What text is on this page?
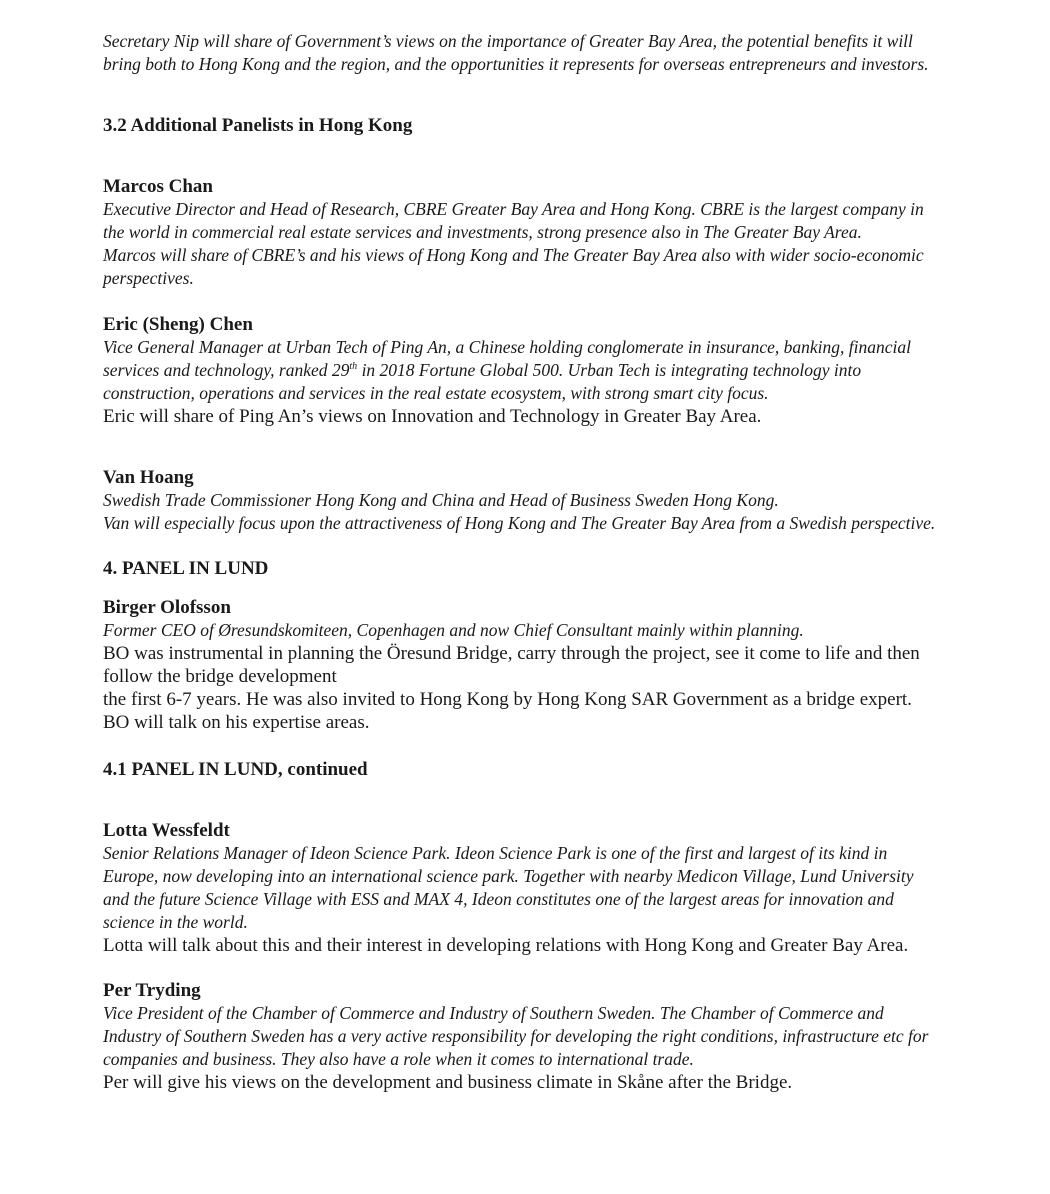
Secretary Nip will share of Government’s views on the importance of Greater Bay Area, the potential benefits it will bring both to Hong Kong and the region, and the opportunities it represents for overseas entrepreneurs and investors.

3.2 Additional Panelists in Hong Kong

Marcos Chan

Executive Director and Head of Research, CBRE Greater Bay Area and Hong Kong. CBRE is the largest company in the world in commercial real estate services and investments, strong presence also in The Greater Bay Area.

Marcos will share of CBRE’s and his views of Hong Kong and The Greater Bay Area also with wider socio-economic perspectives.

Eric (Sheng) Chen

Vice General Manager at Urban Tech of Ping An, a Chinese holding conglomerate in insurance, banking, financial services and technology, ranked 29th in 2018 Fortune Global 500. Urban Tech is integrating technology into construction, operations and services in the real estate ecosystem, with strong smart city focus.

Eric will share of Ping An’s views on Innovation and Technology in Greater Bay Area.

Van Hoang

Swedish Trade Commissioner Hong Kong and China and Head of Business Sweden Hong Kong.

Van will especially focus upon the attractiveness of Hong Kong and The Greater Bay Area from a Swedish perspective.

4. PANEL IN LUND

Birger Olofsson

Former CEO of Øresundskomiteen, Copenhagen and now Chief Consultant mainly within planning.

BO was instrumental in planning the Öresund Bridge, carry through the project, see it come to life and then follow the bridge development

the first 6-7 years. He was also invited to Hong Kong by Hong Kong SAR Government as a bridge expert. BO will talk on his expertise areas.

4.1 PANEL IN LUND, continued

Lotta Wessfeldt

Senior Relations Manager of Ideon Science Park. Ideon Science Park is one of the first and largest of its kind in Europe, now developing into an international science park. Together with nearby Medicon Village, Lund University and the future Science Village with ESS and MAX 4, Ideon constitutes one of the largest areas for innovation and science in the world.

Lotta will talk about this and their interest in developing relations with Hong Kong and Greater Bay Area.

Per Tryding

Vice President of the Chamber of Commerce and Industry of Southern Sweden. The Chamber of Commerce and Industry of Southern Sweden has a very active responsibility for developing the right conditions, infrastructure etc for companies and business. They also have a role when it comes to international trade.

Per will give his views on the development and business climate in Skåne after the Bridge.
